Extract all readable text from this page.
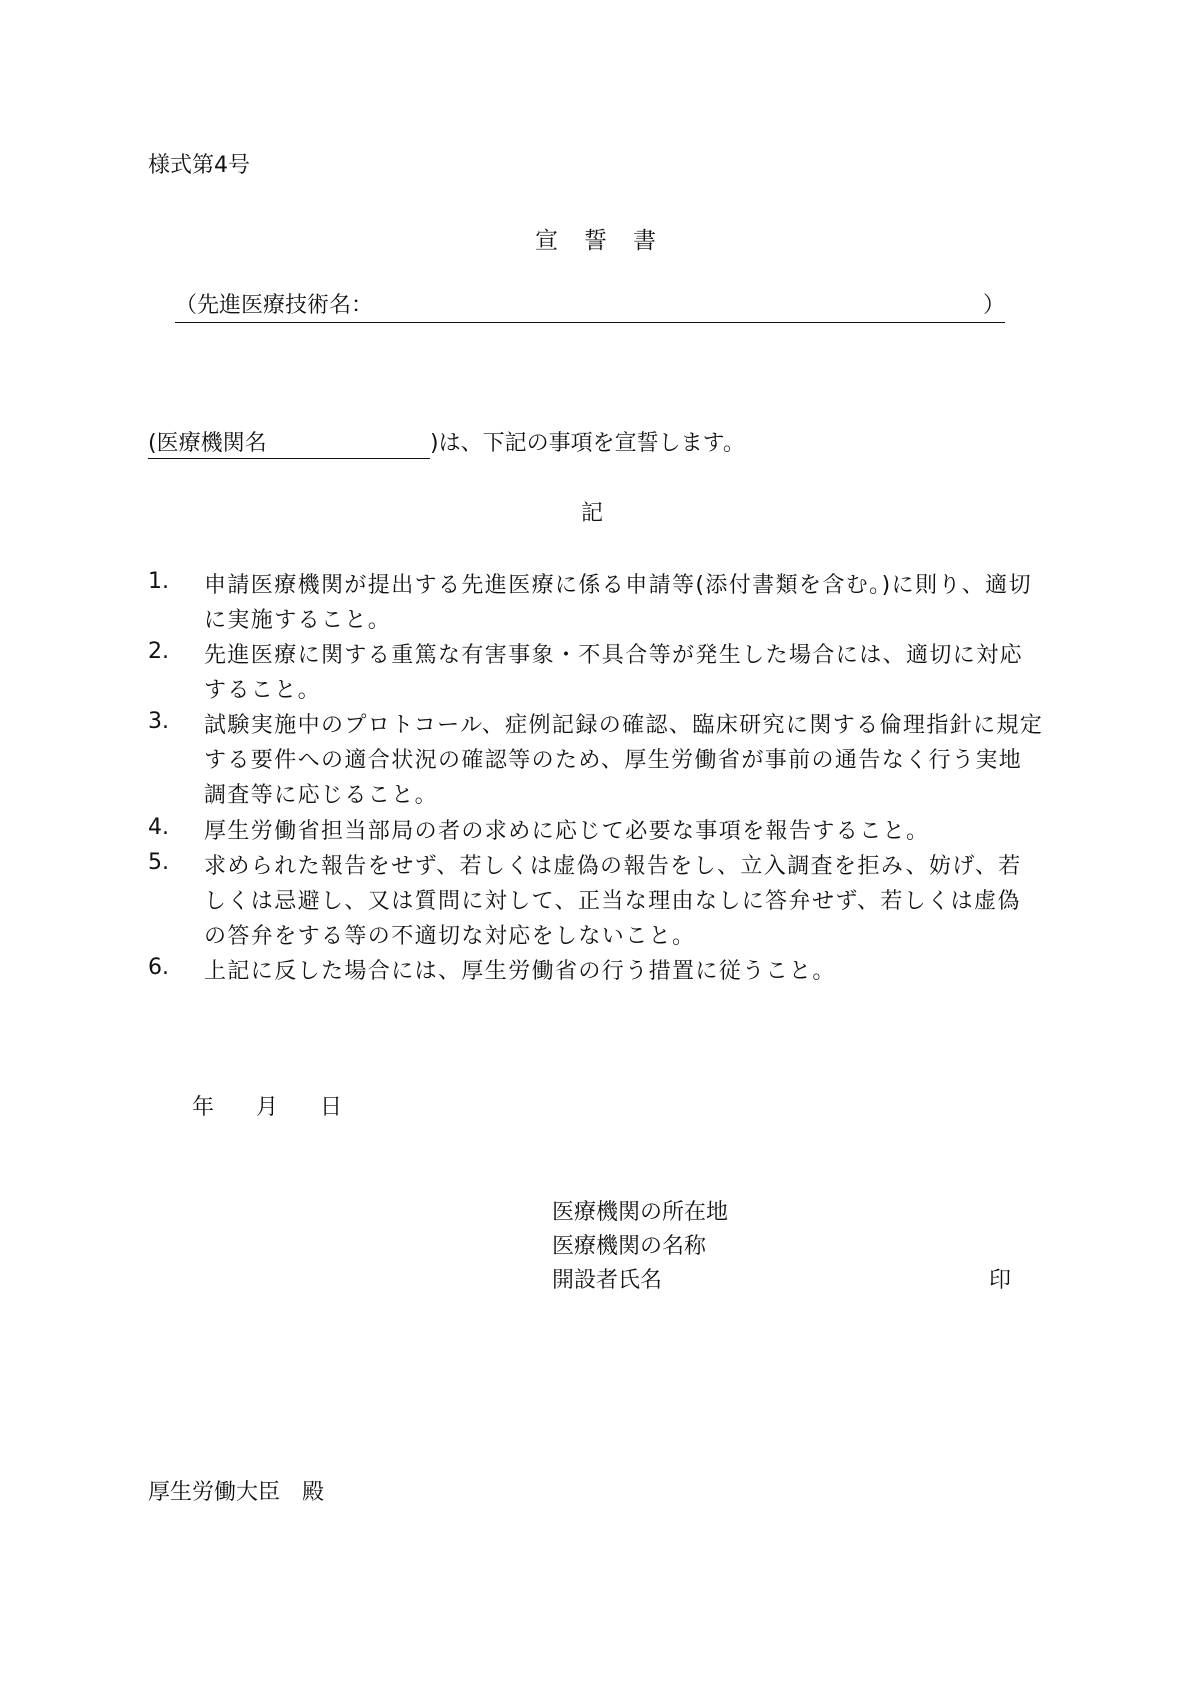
様式第4号
宣 誓 書
（先進医療技術名：	）
(医療機関名	)は、下記の事項を宣誓します。
記
1.	申請医療機関が提出する先進医療に係る申請等(添付書類を含む。)に則り、適切に実施すること。
2.	先進医療に関する重篤な有害事象・不具合等が発生した場合には、適切に対応すること。
3.	試験実施中のプロトコール、症例記録の確認、臨床研究に関する倫理指針に規定する要件への適合状況の確認等のため、厚生労働省が事前の通告なく行う実地調査等に応じること。
4.	厚生労働省担当部局の者の求めに応じて必要な事項を報告すること。
5.	求められた報告をせず、若しくは虚偽の報告をし、立入調査を拒み、妨げ、若しくは忌避し、又は質問に対して、正当な理由なしに答弁せず、若しくは虚偽の答弁をする等の不適切な対応をしないこと。
6.	上記に反した場合には、厚生労働省の行う措置に従うこと。
年 月 日
医療機関の所在地
医療機関の名称
開設者氏名	印
厚生労働大臣　殿
